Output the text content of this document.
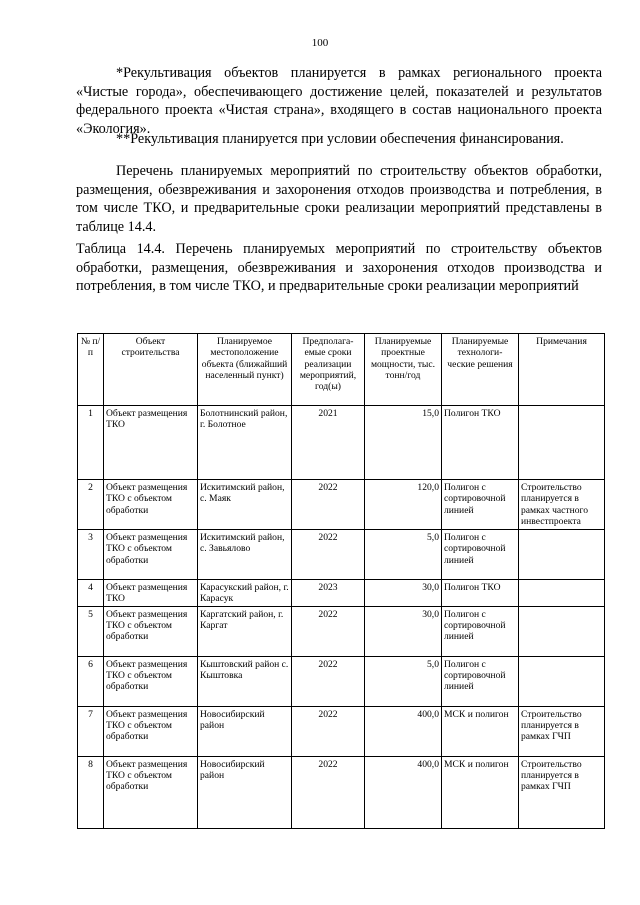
100

*Рекультивация объектов планируется в рамках регионального проекта «Чистые города», обеспечивающего достижение целей, показателей и результатов федерального проекта «Чистая страна», входящего в состав национального проекта «Экология».

**Рекультивация планируется при условии обеспечения финансирования.

Перечень планируемых мероприятий по строительству объектов обработки, размещения, обезвреживания и захоронения отходов производства и потребления, в том числе ТКО, и предварительные сроки реализации мероприятий представлены в таблице 14.4.

Таблица 14.4. Перечень планируемых мероприятий по строительству объектов обработки, размещения, обезвреживания и захоронения отходов производства и потребления, в том числе ТКО, и предварительные сроки реализации мероприятий

№ п/п	Объект строительства	Планируемое местоположение объекта (ближайший населенный пункт)	Предполага-емые сроки реализации мероприятий, год(ы)	Планируемые проектные мощности, тыс. тонн/год	Планируемые технологи-ческие решения	Примечания
1	Объект размещения ТКО	Болотнинский район, г. Болотное	2021	15,0	Полигон ТКО	
2	Объект размещения ТКО с объектом обработки	Искитимский район, с. Маяк	2022	120,0	Полигон с сортировочной линией	Строительство планируется в рамках частного инвестпроекта
3	Объект размещения ТКО с объектом обработки	Искитимский район, с. Завьялово	2022	5,0	Полигон с сортировочной линией	
4	Объект размещения ТКО	Карасукский район, г. Карасук	2023	30,0	Полигон ТКО	
5	Объект размещения ТКО с объектом обработки	Каргатский район, г. Каргат	2022	30,0	Полигон с сортировочной линией	
6	Объект размещения ТКО с объектом обработки	Кыштовский район с. Кыштовка	2022	5,0	Полигон с сортировочной линией	
7	Объект размещения ТКО с объектом обработки	Новосибирский район	2022	400,0	МСК и полигон	Строительство планируется в рамках ГЧП
8	Объект размещения ТКО с объектом обработки	Новосибирский район	2022	400,0	МСК и полигон	Строительство планируется в рамках ГЧП
